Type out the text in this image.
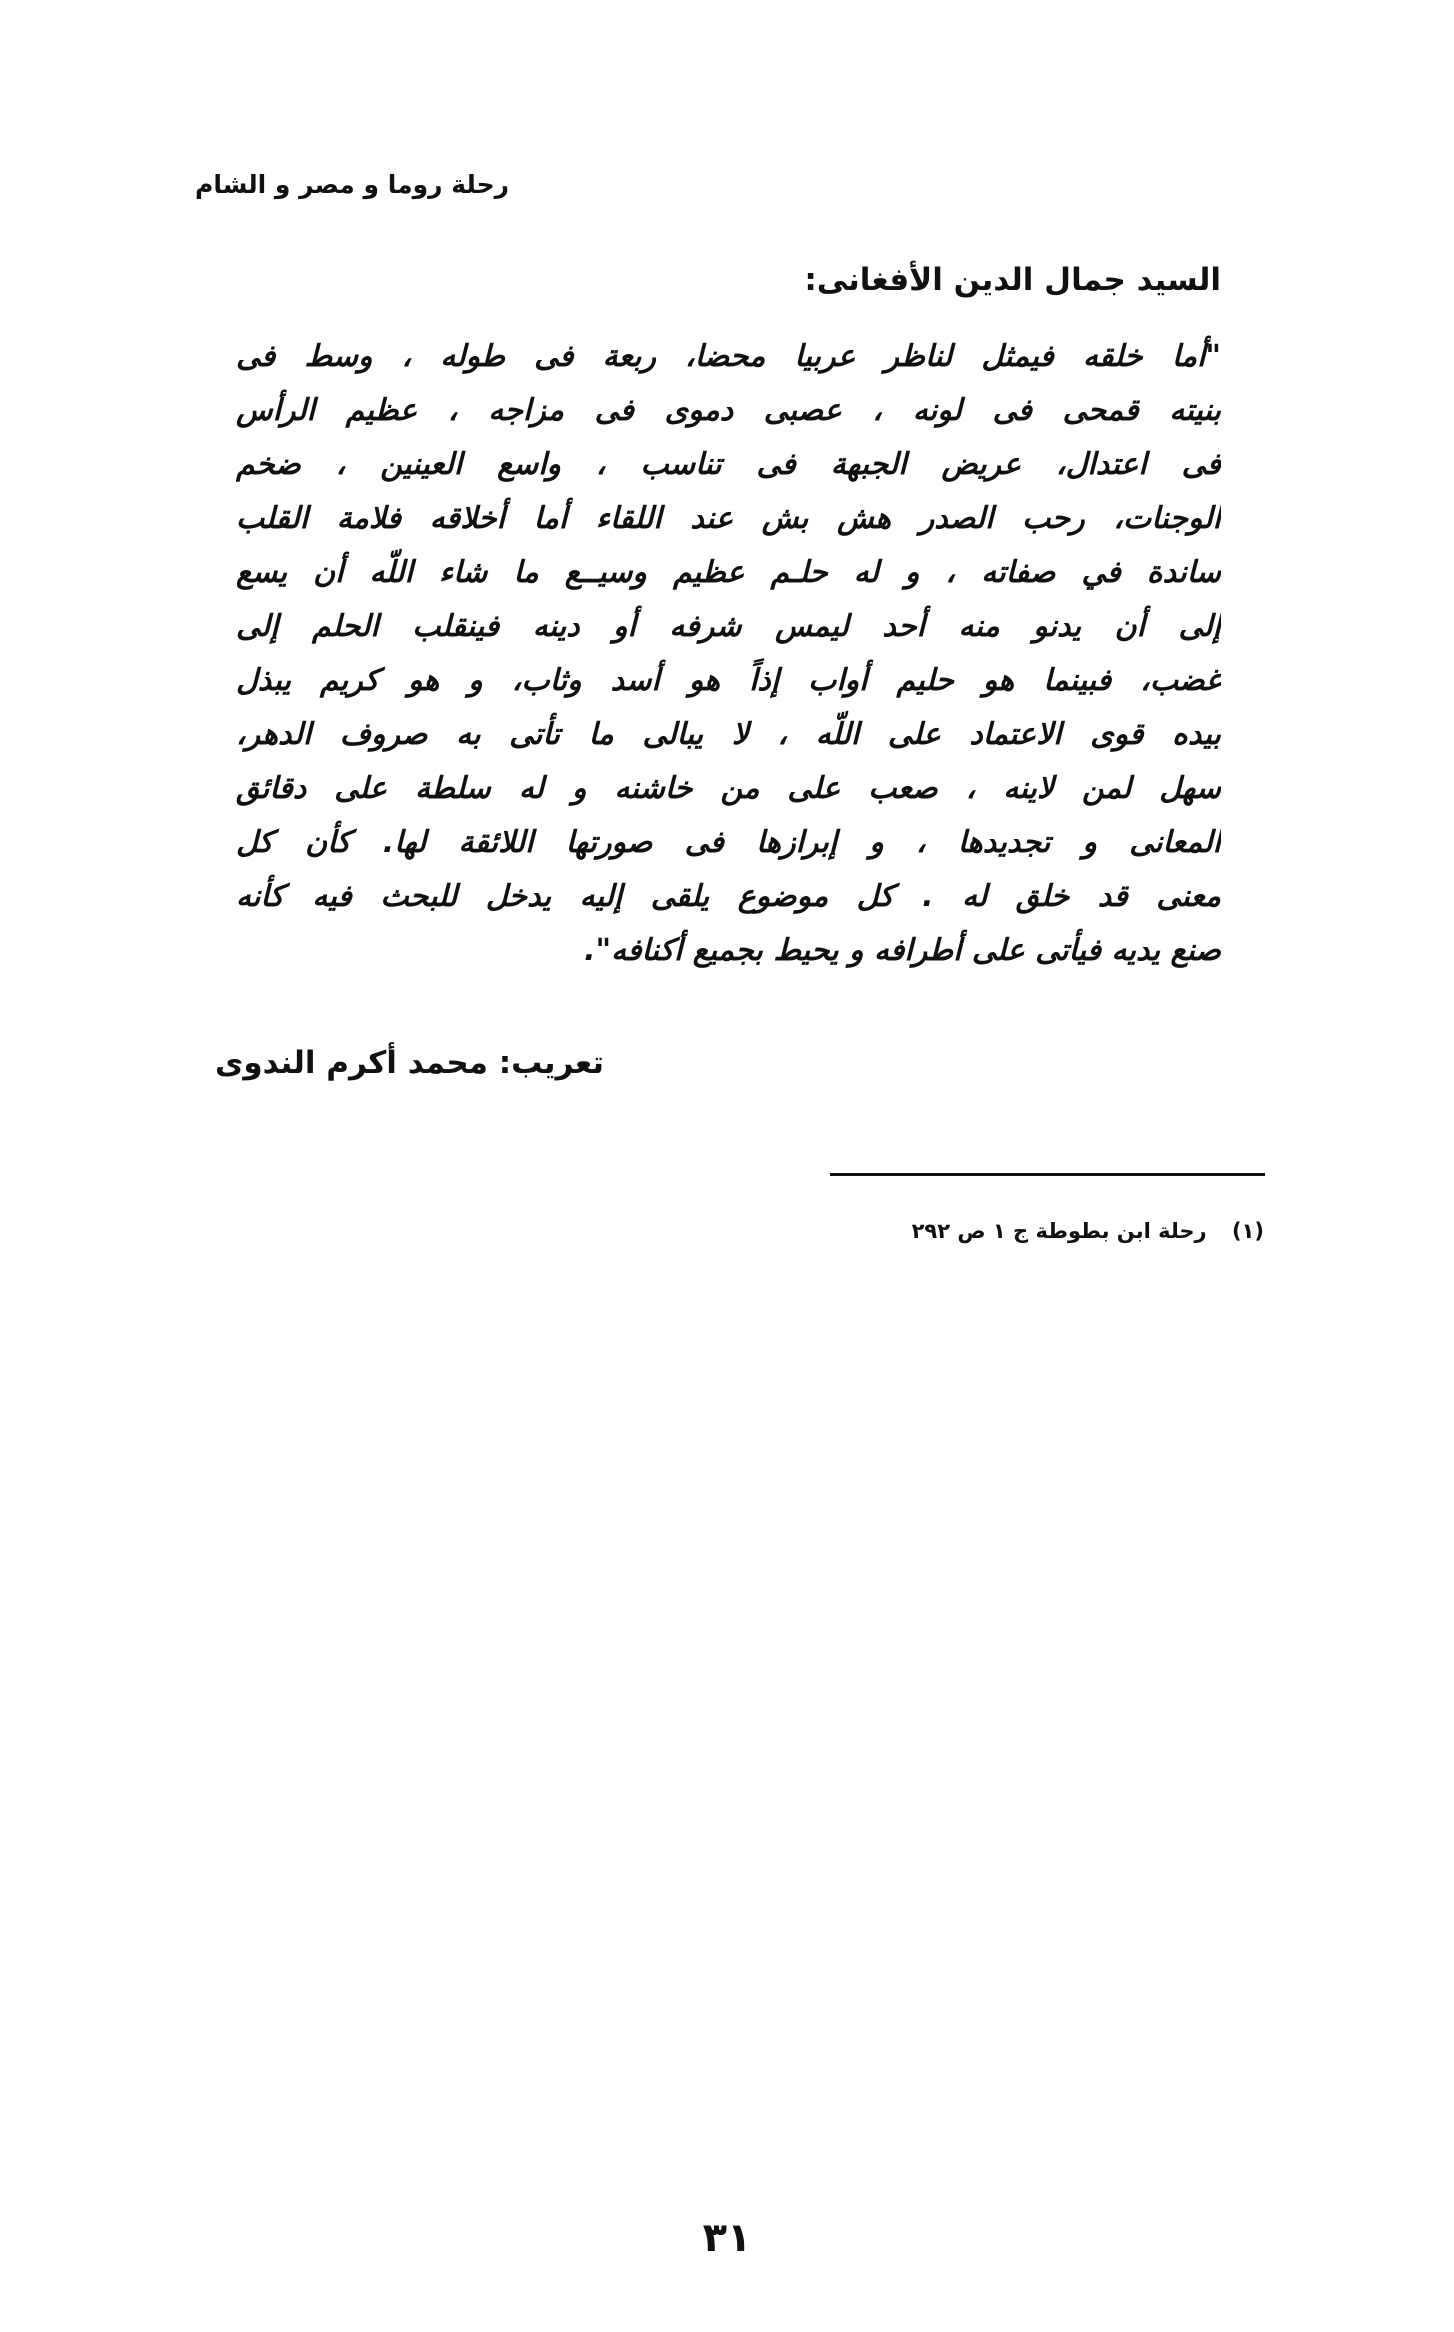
رحلة روما و مصر و الشام
السيد جمال الدين الأفغانى:
"أما خلقه فيمثل لناظر عربيا محضا، ربعة فى طوله ، وسط فى
بنيته قمحى فى لونه ، عصبى دموى فى مزاجه ، عظيم الرأس
فى اعتدال، عريض الجبهة فى تناسب ، واسع العينين ، ضخم
الوجنات، رحب الصدر هش بش عند اللقاء أما أخلاقه فلامة القلب
ساندة في صفاته ، و له حلـم عظيم وسيــع ما شاء اللّه أن يسع
إلى أن يدنو منه أحد ليمس شرفه أو دينه فينقلب الحلم إلى
غضب، فبينما هو حليم أواب إذاً هو أسد وثاب، و هو كريم يبذل
بيده قوى الاعتماد على اللّه ، لا يبالى ما تأتى به صروف الدهر،
سهل لمن لاينه ، صعب على من خاشنه و له سلطة على دقائق
المعانى و تجديدها ، و إبرازها فى صورتها اللائقة لها. كأن كل
معنى قد خلق له . كل موضوع يلقى إليه يدخل للبحث فيه كأنه
صنع يديه فيأتى على أطرافه و يحيط بجميع أكنافه".
تعريب: محمد أكرم الندوى
(١) رحلة ابن بطوطة ج ١ ص ٢٩٢
٣١
